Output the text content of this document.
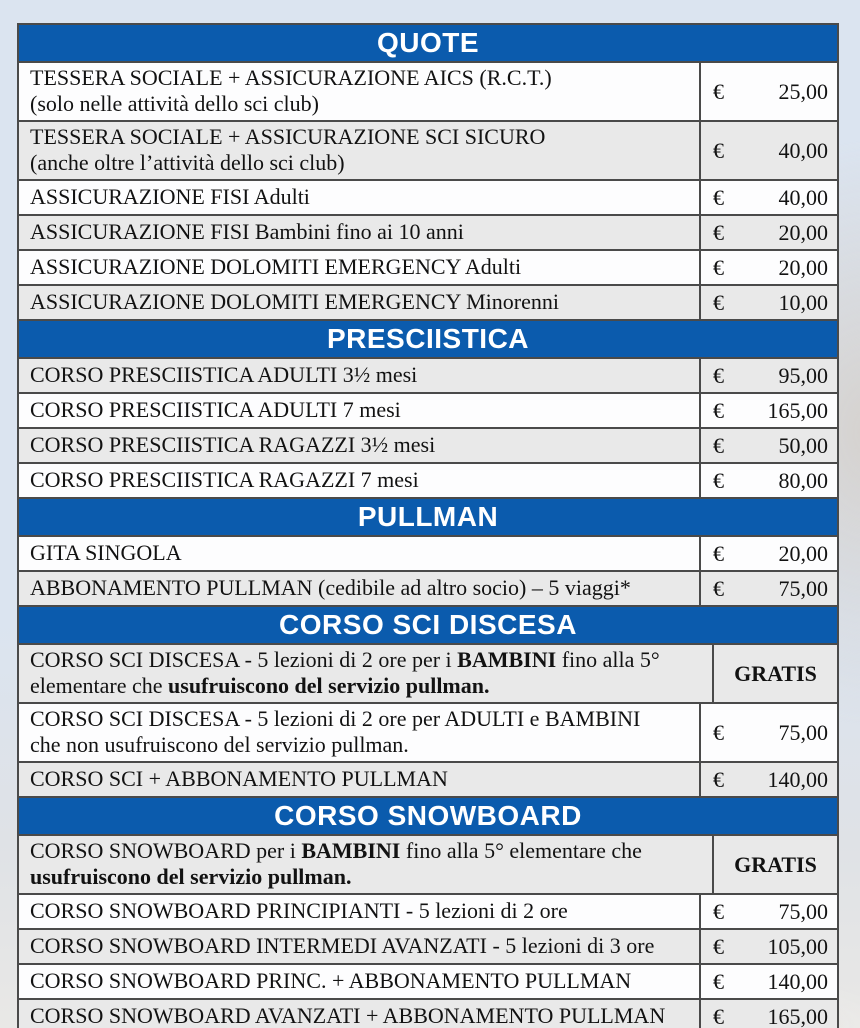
QUOTE
TESSERA SOCIALE + ASSICURAZIONE AICS (R.C.T.)
(solo nelle attività dello sci club)	€ 25,00
TESSERA SOCIALE + ASSICURAZIONE SCI SICURO
(anche oltre l’attività dello sci club)	€ 40,00
ASSICURAZIONE FISI Adulti	€ 40,00
ASSICURAZIONE FISI Bambini fino ai 10 anni	€ 20,00
ASSICURAZIONE DOLOMITI EMERGENCY Adulti	€ 20,00
ASSICURAZIONE DOLOMITI EMERGENCY Minorenni	€ 10,00
PRESCIISTICA
CORSO PRESCIISTICA ADULTI 3½ mesi	€ 95,00
CORSO PRESCIISTICA ADULTI 7 mesi	€ 165,00
CORSO PRESCIISTICA RAGAZZI 3½ mesi	€ 50,00
CORSO PRESCIISTICA RAGAZZI 7 mesi	€ 80,00
PULLMAN
GITA SINGOLA	€ 20,00
ABBONAMENTO PULLMAN (cedibile ad altro socio) – 5 viaggi*	€ 75,00
CORSO SCI DISCESA
CORSO SCI DISCESA - 5 lezioni di 2 ore per i BAMBINI fino alla 5°
elementare che usufruiscono del servizio pullman.	GRATIS
CORSO SCI DISCESA - 5 lezioni di 2 ore per ADULTI e BAMBINI
che non usufruiscono del servizio pullman.	€ 75,00
CORSO SCI + ABBONAMENTO PULLMAN	€ 140,00
CORSO SNOWBOARD
CORSO SNOWBOARD per i BAMBINI fino alla 5° elementare che
usufruiscono del servizio pullman.	GRATIS
CORSO SNOWBOARD PRINCIPIANTI - 5 lezioni di 2 ore	€ 75,00
CORSO SNOWBOARD INTERMEDI AVANZATI - 5 lezioni di 3 ore	€ 105,00
CORSO SNOWBOARD PRINC. + ABBONAMENTO PULLMAN	€ 140,00
CORSO SNOWBOARD AVANZATI + ABBONAMENTO PULLMAN	€ 165,00
